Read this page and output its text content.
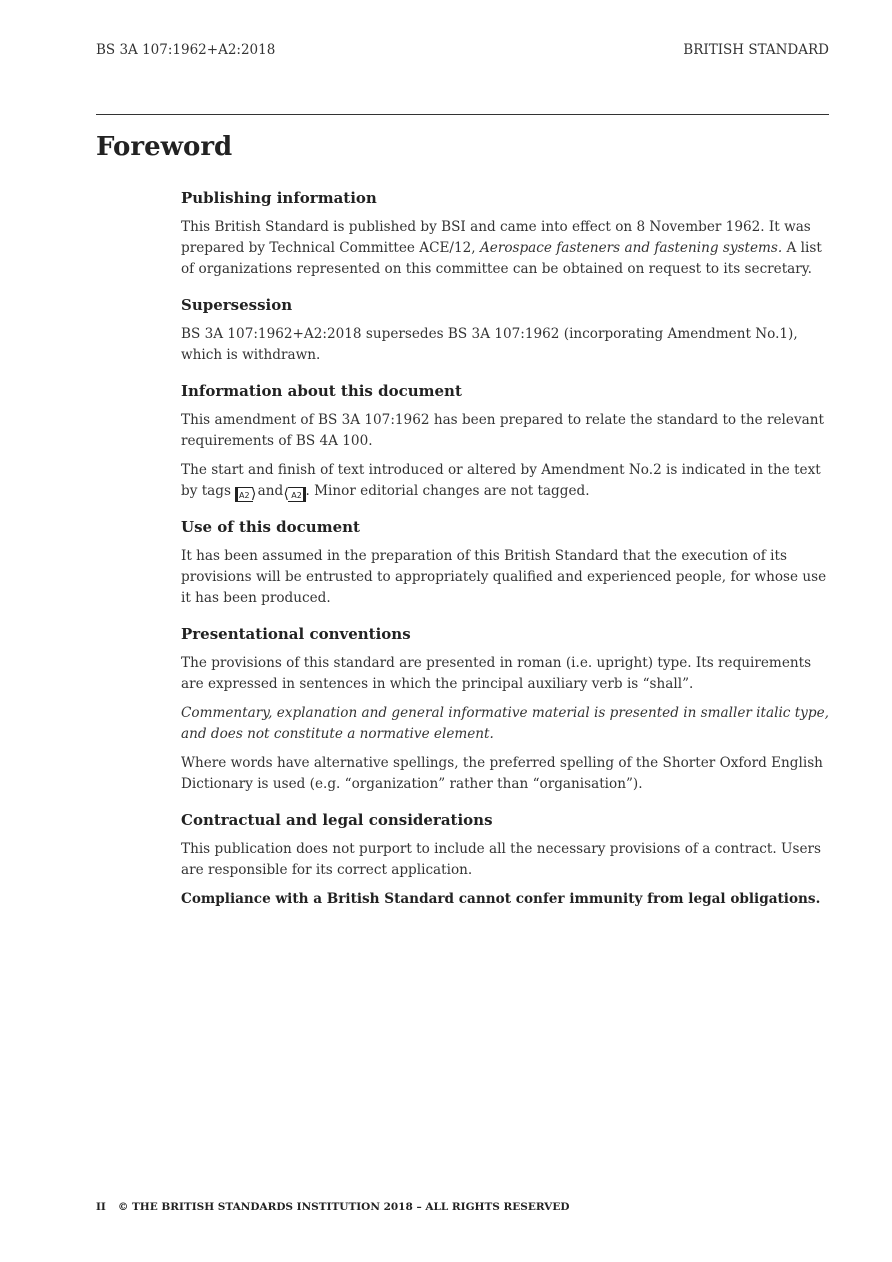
BS 3A 107:1962+A2:2018	BRITISH STANDARD
Foreword
Publishing information

This British Standard is published by BSI and came into effect on 8 November 1962. It was prepared by Technical Committee ACE/12, Aerospace fasteners and fastening systems. A list of organizations represented on this committee can be obtained on request to its secretary.

Supersession

BS 3A 107:1962+A2:2018 supersedes BS 3A 107:1962 (incorporating Amendment No.1), which is withdrawn.

Information about this document

This amendment of BS 3A 107:1962 has been prepared to relate the standard to the relevant requirements of BS 4A 100.

The start and finish of text introduced or altered by Amendment No.2 is indicated in the text by tags A2 ⟩ and ⟨ A2 . Minor editorial changes are not tagged.

Use of this document

It has been assumed in the preparation of this British Standard that the execution of its provisions will be entrusted to appropriately qualified and experienced people, for whose use it has been produced.

Presentational conventions

The provisions of this standard are presented in roman (i.e. upright) type. Its requirements are expressed in sentences in which the principal auxiliary verb is “shall”.

Commentary, explanation and general informative material is presented in smaller italic type, and does not constitute a normative element.

Where words have alternative spellings, the preferred spelling of the Shorter Oxford English Dictionary is used (e.g. “organization” rather than “organisation”).

Contractual and legal considerations

This publication does not purport to include all the necessary provisions of a contract. Users are responsible for its correct application.

Compliance with a British Standard cannot confer immunity from legal obligations.

II © THE BRITISH STANDARDS INSTITUTION 2018 – ALL RIGHTS RESERVED
